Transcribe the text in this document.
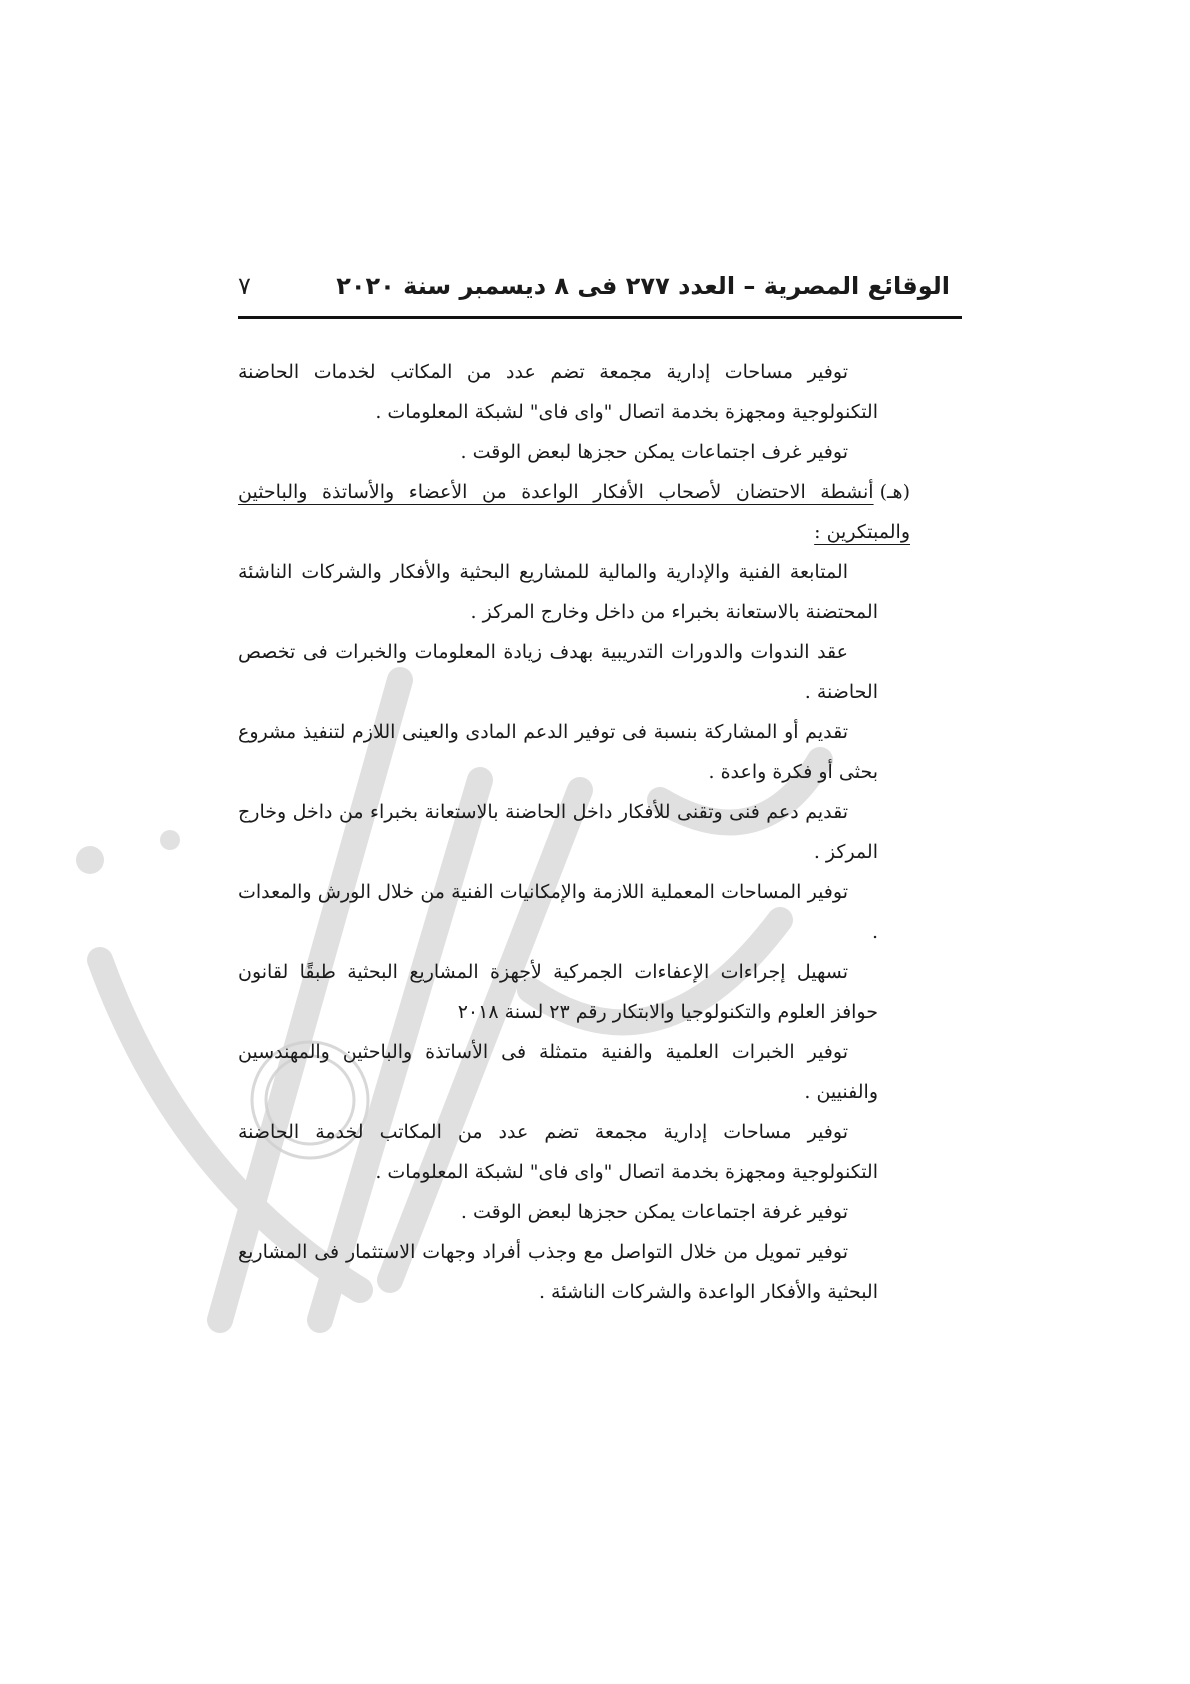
الوقائع المصرية – العدد ٢٧٧ فى ٨ ديسمبر سنة ٢٠٢٠
٧

توفير مساحات إدارية مجمعة تضم عدد من المكاتب لخدمات الحاضنة التكنولوجية ومجهزة بخدمة اتصال "واى فاى" لشبكة المعلومات .

توفير غرف اجتماعات يمكن حجزها لبعض الوقت .

(هـ)أنشطة الاحتضان لأصحاب الأفكار الواعدة من الأعضاء والأساتذة والباحثين والمبتكرين :

المتابعة الفنية والإدارية والمالية للمشاريع البحثية والأفكار والشركات الناشئة المحتضنة بالاستعانة بخبراء من داخل وخارج المركز .

عقد الندوات والدورات التدريبية بهدف زيادة المعلومات والخبرات فى تخصص الحاضنة .

تقديم أو المشاركة بنسبة فى توفير الدعم المادى والعينى اللازم لتنفيذ مشروع بحثى أو فكرة واعدة .

تقديم دعم فنى وتقنى للأفكار داخل الحاضنة بالاستعانة بخبراء من داخل وخارج المركز .

توفير المساحات المعملية اللازمة والإمكانيات الفنية من خلال الورش والمعدات .

تسهيل إجراءات الإعفاءات الجمركية لأجهزة المشاريع البحثية طبقًا لقانون حوافز العلوم والتكنولوجيا والابتكار رقم ٢٣ لسنة ٢٠١٨

توفير الخبرات العلمية والفنية متمثلة فى الأساتذة والباحثين والمهندسين والفنيين .

توفير مساحات إدارية مجمعة تضم عدد من المكاتب لخدمة الحاضنة التكنولوجية ومجهزة بخدمة اتصال "واى فاى" لشبكة المعلومات .

توفير غرفة اجتماعات يمكن حجزها لبعض الوقت .

توفير تمويل من خلال التواصل مع وجذب أفراد وجهات الاستثمار فى المشاريع البحثية والأفكار الواعدة والشركات الناشئة .
